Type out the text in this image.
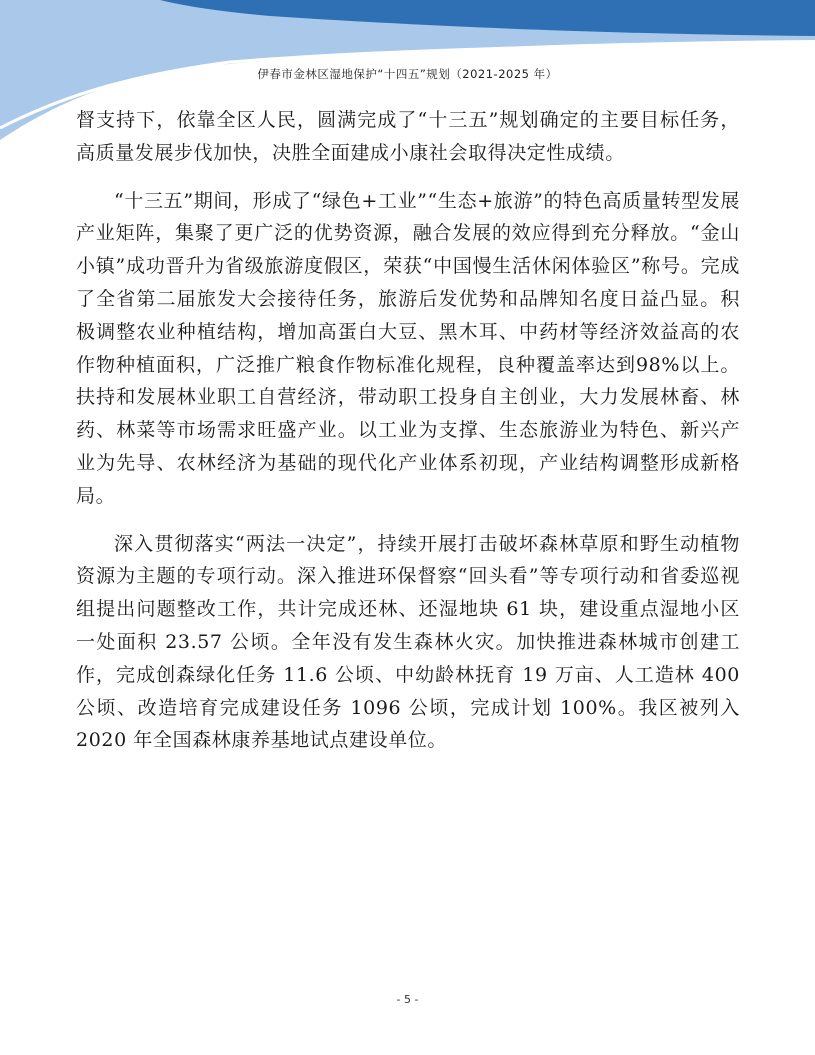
伊春市金林区湿地保护“十四五”规划（2021-2025 年）

督支持下，依靠全区人民，圆满完成了“十三五”规划确定的主要目标任务，高质量发展步伐加快，决胜全面建成小康社会取得决定性成绩。

“十三五”期间，形成了“绿色+工业”“生态+旅游”的特色高质量转型发展产业矩阵，集聚了更广泛的优势资源，融合发展的效应得到充分释放。“金山小镇”成功晋升为省级旅游度假区，荣获“中国慢生活休闲体验区”称号。完成了全省第二届旅发大会接待任务，旅游后发优势和品牌知名度日益凸显。积极调整农业种植结构，增加高蛋白大豆、黑木耳、中药材等经济效益高的农作物种植面积，广泛推广粮食作物标准化规程，良种覆盖率达到98%以上。扶持和发展林业职工自营经济，带动职工投身自主创业，大力发展林畜、林药、林菜等市场需求旺盛产业。以工业为支撑、生态旅游业为特色、新兴产业为先导、农林经济为基础的现代化产业体系初现，产业结构调整形成新格局。

深入贯彻落实“两法一决定”，持续开展打击破坏森林草原和野生动植物资源为主题的专项行动。深入推进环保督察“回头看”等专项行动和省委巡视组提出问题整改工作，共计完成还林、还湿地块 61 块，建设重点湿地小区一处面积 23.57 公顷。全年没有发生森林火灾。加快推进森林城市创建工作，完成创森绿化任务 11.6 公顷、中幼龄林抚育 19 万亩、人工造林 400 公顷、改造培育完成建设任务 1096 公顷，完成计划 100%。我区被列入 2020 年全国森林康养基地试点建设单位。

- 5 -
